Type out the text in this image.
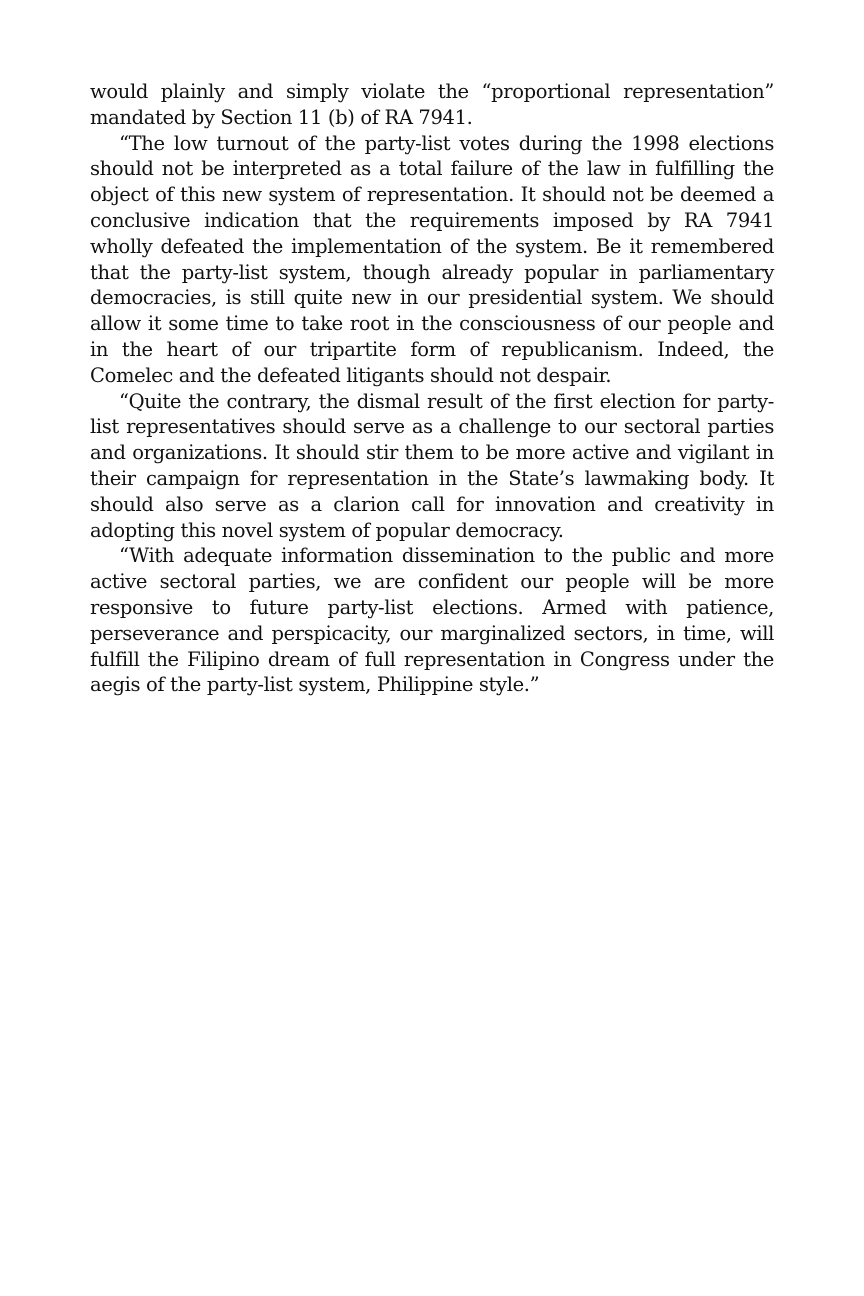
would plainly and simply violate the “proportional representation” mandated by Section 11 (b) of RA 7941.

“The low turnout of the party-list votes during the 1998 elections should not be interpreted as a total failure of the law in fulfilling the object of this new system of representation. It should not be deemed a conclusive indication that the requirements imposed by RA 7941 wholly defeated the implementation of the system. Be it remembered that the party-list system, though already popular in parliamentary democracies, is still quite new in our presidential system. We should allow it some time to take root in the consciousness of our people and in the heart of our tripartite form of republicanism. Indeed, the Comelec and the defeated litigants should not despair.

“Quite the contrary, the dismal result of the first election for party-list representatives should serve as a challenge to our sectoral parties and organizations. It should stir them to be more active and vigilant in their campaign for representation in the State’s lawmaking body. It should also serve as a clarion call for innovation and creativity in adopting this novel system of popular democracy.

“With adequate information dissemination to the public and more active sectoral parties, we are confident our people will be more responsive to future party-list elections. Armed with patience, perseverance and perspicacity, our marginalized sectors, in time, will fulfill the Filipino dream of full representation in Congress under the aegis of the party-list system, Philippine style.”
